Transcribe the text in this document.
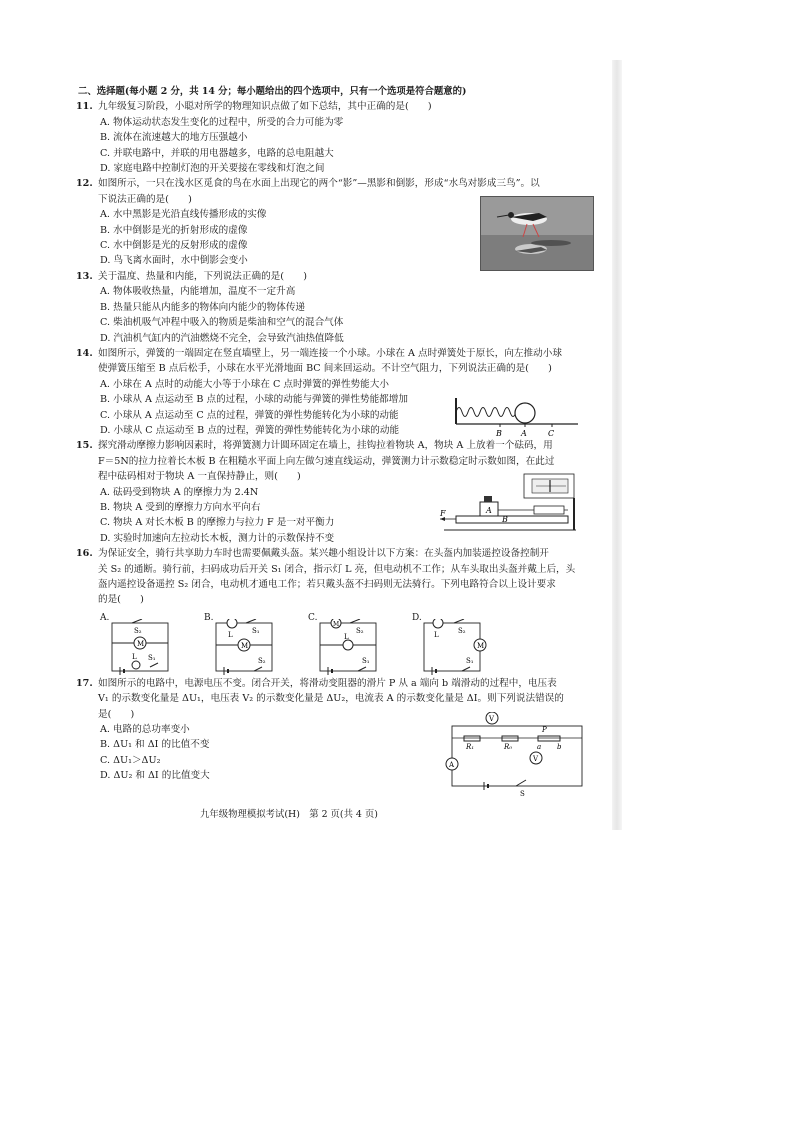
二、选择题(每小题 2 分，共 14 分；每小题给出的四个选项中，只有一个选项是符合题意的)
11. 九年级复习阶段，小聪对所学的物理知识点做了如下总结，其中正确的是(　　)
A. 物体运动状态发生变化的过程中，所受的合力可能为零
B. 流体在流速越大的地方压强越小
C. 并联电路中，并联的用电器越多，电路的总电阻越大
D. 家庭电路中控制灯泡的开关要接在零线和灯泡之间
12. 如图所示，一只在浅水区觅食的鸟在水面上出现它的两个“影”—黑影和倒影，形成“水鸟对影成三鸟”。以
下说法正确的是(　　)
A. 水中黑影是光沿直线传播形成的实像
B. 水中倒影是光的折射形成的虚像
C. 水中倒影是光的反射形成的虚像
D. 鸟飞离水面时，水中倒影会变小
13. 关于温度、热量和内能，下列说法正确的是(　　)
A. 物体吸收热量，内能增加，温度不一定升高
B. 热量只能从内能多的物体向内能少的物体传递
C. 柴油机吸气冲程中吸入的物质是柴油和空气的混合气体
D. 汽油机气缸内的汽油燃烧不完全，会导致汽油热值降低
14. 如图所示，弹簧的一端固定在竖直墙壁上，另一端连接一个小球。小球在 A 点时弹簧处于原长，向左推动小球
使弹簧压缩至 B 点后松手，小球在水平光滑地面 BC 间来回运动。不计空气阻力，下列说法正确的是(　　)
A. 小球在 A 点时的动能大小等于小球在 C 点时弹簧的弹性势能大小
B. 小球从 A 点运动至 B 点的过程，小球的动能与弹簧的弹性势能都增加
C. 小球从 A 点运动至 C 点的过程，弹簧的弹性势能转化为小球的动能
D. 小球从 C 点运动至 B 点的过程，弹簧的弹性势能转化为小球的动能
15. 探究滑动摩擦力影响因素时，将弹簧测力计圆环固定在墙上，挂钩拉着物块 A，物块 A 上放着一个砝码，用
F＝5N的拉力拉着长木板 B 在粗糙水平面上向左做匀速直线运动，弹簧测力计示数稳定时示数如图，在此过
程中砝码相对于物块 A 一直保持静止，则(　　)
A. 砝码受到物块 A 的摩擦力为 2.4N
B. 物块 A 受到的摩擦力方向水平向右
C. 物块 A 对长木板 B 的摩擦力与拉力 F 是一对平衡力
D. 实验时加速向左拉动长木板，测力计的示数保持不变
16. 为保证安全，骑行共享助力车时也需要佩戴头盔。某兴趣小组设计以下方案：在头盔内加装遥控设备控制开
关 S₂ 的通断。骑行前，扫码成功后开关 S₁ 闭合，指示灯 L 亮，但电动机不工作；从车头取出头盔并戴上后，头
盔内遥控设备遥控 S₂ 闭合，电动机才通电工作；若只戴头盔不扫码则无法骑行。下列电路符合以上设计要求
的是(　　)
17. 如图所示的电路中，电源电压不变。闭合开关，将滑动变阻器的滑片 P 从 a 端向 b 端滑动的过程中，电压表
V₁ 的示数变化量是 ΔU₁，电压表 V₂ 的示数变化量是 ΔU₂，电流表 A 的示数变化量是 ΔI。则下列说法错误的
是(　　)
A. 电路的总功率变小
B. ΔU₁ 和 ΔI 的比值不变
C. ΔU₁＞ΔU₂
D. ΔU₂ 和 ΔI 的比值变大
B A	C
A
B
F
A.
S₂
M
L S₁
B.
L	S₁
M
S₂
C.
M
S₂
L
S₁
D.
L	S₂
M
S₁
V
R₁	R₀
P
a b
V
A
S
九年级物理模拟考试(H)　第 2 页(共 4 页)
